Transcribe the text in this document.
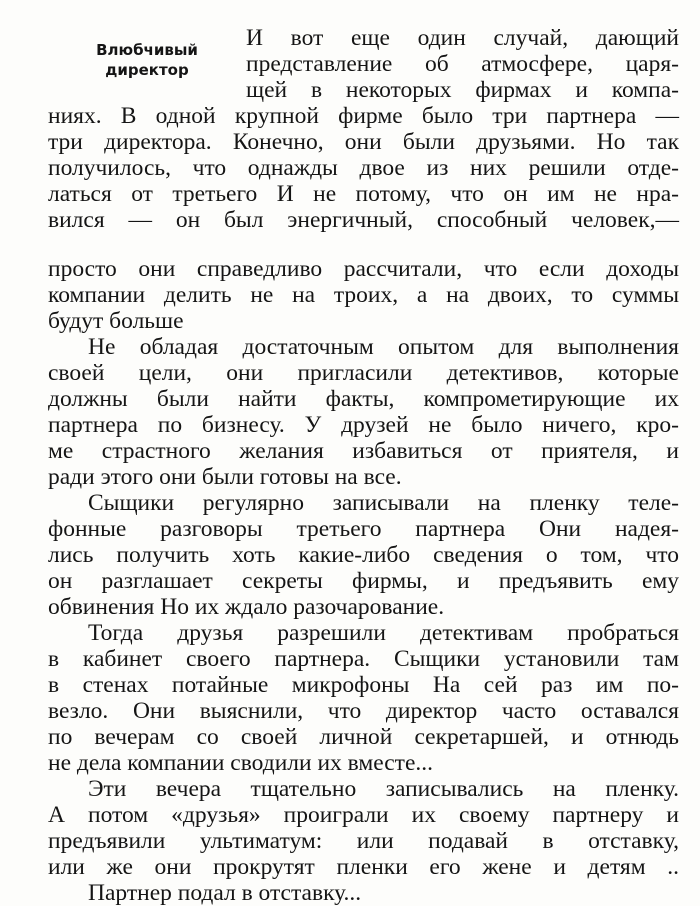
Влюбчивый
директор
И вот еще один случай, дающий
представление об атмосфере, царя-
щей в некоторых фирмах и компа-
ниях. В одной крупной фирме было три партнера —
три директора. Конечно, они были друзьями. Но так
получилось, что однажды двое из них решили отде-
латься от третьего И не потому, что он им не нра-
вился — он был энергичный, способный человек,—
просто они справедливо рассчитали, что если доходы
компании делить не на троих, а на двоих, то суммы
будут больше
Не обладая достаточным опытом для выполнения
своей цели, они пригласили детективов, которые
должны были найти факты, компрометирующие их
партнера по бизнесу. У друзей не было ничего, кро-
ме страстного желания избавиться от приятеля, и
ради этого они были готовы на все.
Сыщики регулярно записывали на пленку теле-
фонные разговоры третьего партнера Они надея-
лись получить хоть какие-либо сведения о том, что
он разглашает секреты фирмы, и предъявить ему
обвинения Но их ждало разочарование.
Тогда друзья разрешили детективам пробраться
в кабинет своего партнера. Сыщики установили там
в стенах потайные микрофоны На сей раз им по-
везло. Они выяснили, что директор часто оставался
по вечерам со своей личной секретаршей, и отнюдь
не дела компании сводили их вместе...
Эти вечера тщательно записывались на пленку.
А потом «друзья» проиграли их своему партнеру и
предъявили ультиматум: или подавай в отставку,
или же они прокрутят пленки его жене и детям ..
Партнер подал в отставку...
